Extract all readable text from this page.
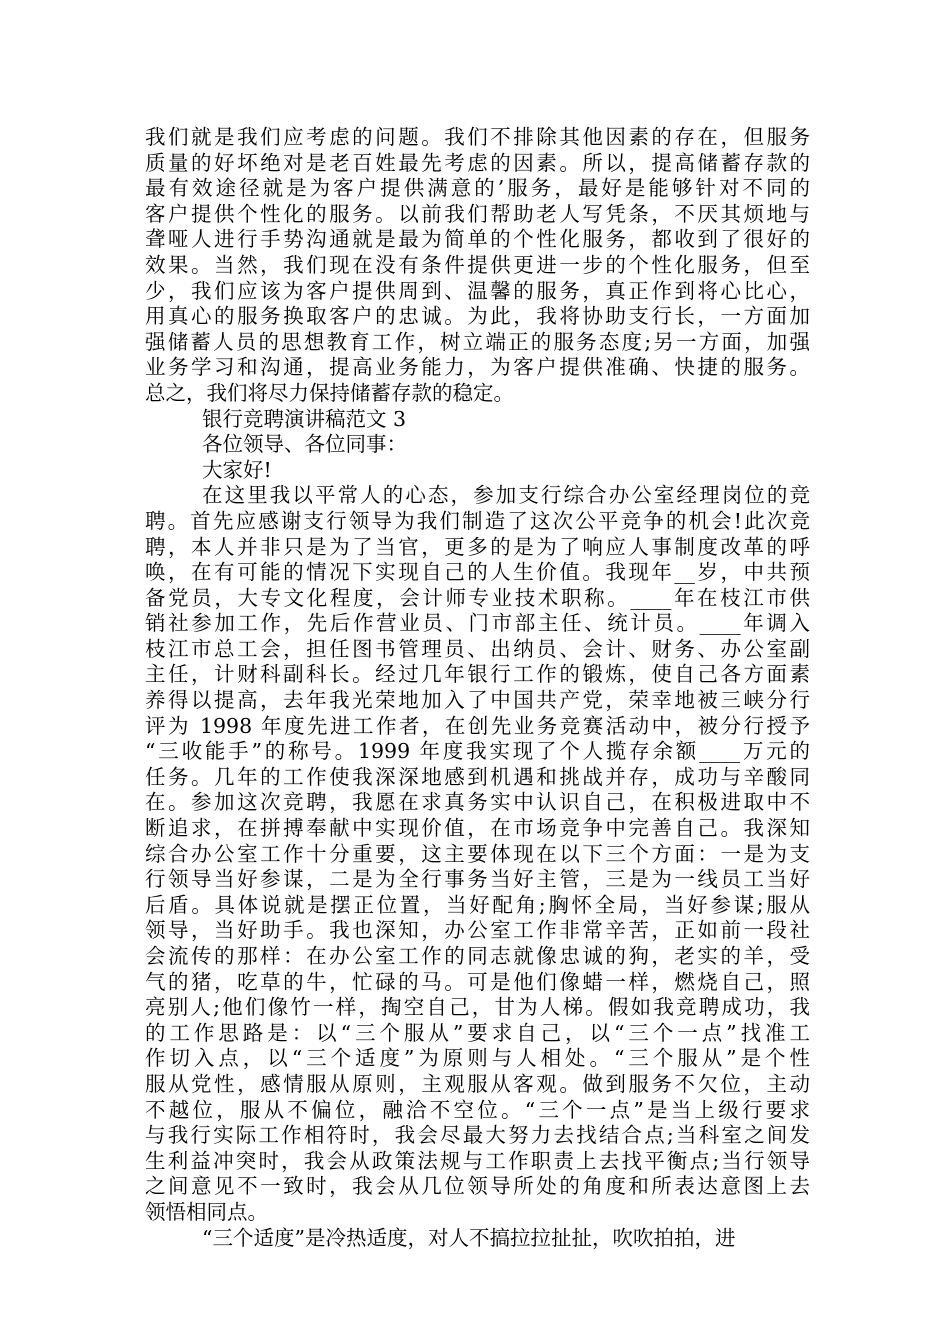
我们就是我们应考虑的问题。我们不排除其他因素的存在，但服务
质量的好坏绝对是老百姓最先考虑的因素。所以，提高储蓄存款的
最有效途径就是为客户提供满意的’服务，最好是能够针对不同的
客户提供个性化的服务。以前我们帮助老人写凭条，不厌其烦地与
聋哑人进行手势沟通就是最为简单的个性化服务，都收到了很好的
效果。当然，我们现在没有条件提供更进一步的个性化服务，但至
少，我们应该为客户提供周到、温馨的服务，真正作到将心比心，
用真心的服务换取客户的忠诚。为此，我将协助支行长，一方面加
强储蓄人员的思想教育工作，树立端正的服务态度;另一方面，加强
业务学习和沟通，提高业务能力，为客户提供准确、快捷的服务。
总之，我们将尽力保持储蓄存款的稳定。
银行竞聘演讲稿范文 3
各位领导、各位同事：
大家好!
在这里我以平常人的心态，参加支行综合办公室经理岗位的竞
聘。首先应感谢支行领导为我们制造了这次公平竞争的机会!此次竞
聘，本人并非只是为了当官，更多的是为了响应人事制度改革的呼
唤，在有可能的情况下实现自己的人生价值。我现年__岁，中共预
备党员，大专文化程度，会计师专业技术职称。____年在枝江市供
销社参加工作，先后作营业员、门市部主任、统计员。____年调入
枝江市总工会，担任图书管理员、出纳员、会计、财务、办公室副
主任，计财科副科长。经过几年银行工作的锻炼，使自己各方面素
养得以提高，去年我光荣地加入了中国共产党，荣幸地被三峡分行
评为 1998 年度先进工作者，在创先业务竞赛活动中，被分行授予
“三收能手”的称号。1999 年度我实现了个人揽存余额____万元的
任务。几年的工作使我深深地感到机遇和挑战并存，成功与辛酸同
在。参加这次竞聘，我愿在求真务实中认识自己，在积极进取中不
断追求，在拼搏奉献中实现价值，在市场竞争中完善自己。我深知
综合办公室工作十分重要，这主要体现在以下三个方面：一是为支
行领导当好参谋，二是为全行事务当好主管，三是为一线员工当好
后盾。具体说就是摆正位置，当好配角;胸怀全局，当好参谋;服从
领导，当好助手。我也深知，办公室工作非常辛苦，正如前一段社
会流传的那样：在办公室工作的同志就像忠诚的狗，老实的羊，受
气的猪，吃草的牛，忙碌的马。可是他们像蜡一样，燃烧自己，照
亮别人;他们像竹一样，掏空自己，甘为人梯。假如我竞聘成功，我
的工作思路是：以“三个服从”要求自己，以“三个一点”找准工
作切入点，以“三个适度”为原则与人相处。“三个服从”是个性
服从党性，感情服从原则，主观服从客观。做到服务不欠位，主动
不越位，服从不偏位，融洽不空位。“三个一点”是当上级行要求
与我行实际工作相符时，我会尽最大努力去找结合点;当科室之间发
生利益冲突时，我会从政策法规与工作职责上去找平衡点;当行领导
之间意见不一致时，我会从几位领导所处的角度和所表达意图上去
领悟相同点。
“三个适度”是冷热适度，对人不搞拉拉扯扯，吹吹拍拍，进
